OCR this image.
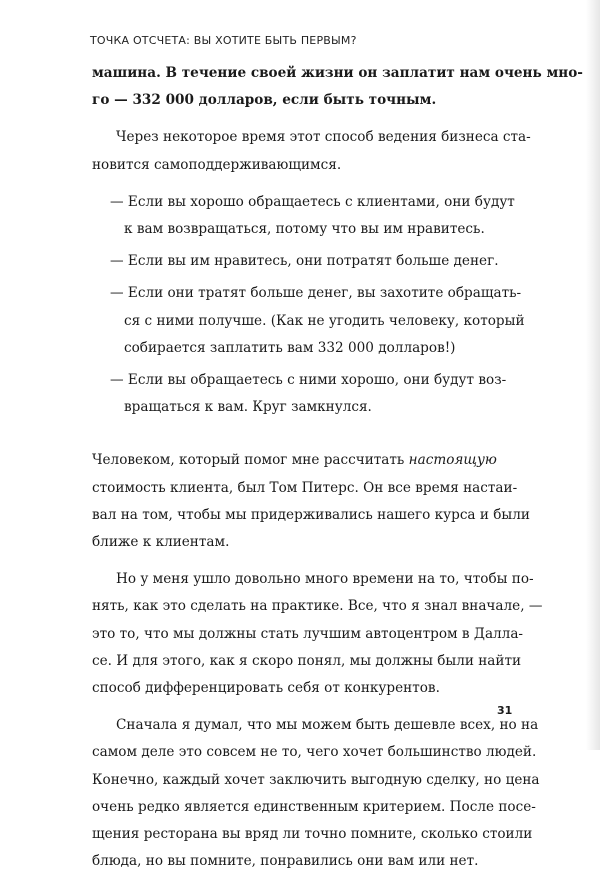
ТОЧКА ОТСЧЕТА: ВЫ ХОТИТЕ БЫТЬ ПЕРВЫМ?
машина. В течение своей жизни он заплатит нам очень мно-
го — 332 000 долларов, если быть точным.
Через некоторое время этот способ ведения бизнеса ста-
новится самоподдерживающимся.
— Если вы хорошо обращаетесь с клиентами, они будут
к вам возвращаться, потому что вы им нравитесь.
— Если вы им нравитесь, они потратят больше денег.
— Если они тратят больше денег, вы захотите обращать-
ся с ними получше. (Как не угодить человеку, который
собирается заплатить вам 332 000 долларов!)
— Если вы обращаетесь с ними хорошо, они будут воз-
вращаться к вам. Круг замкнулся.
Человеком, который помог мне рассчитать настоящую
стоимость клиента, был Том Питерс. Он все время настаи-
вал на том, чтобы мы придерживались нашего курса и были
ближе к клиентам.
Но у меня ушло довольно много времени на то, чтобы по-
нять, как это сделать на практике. Все, что я знал вначале, —
это то, что мы должны стать лучшим автоцентром в Далла-
се. И для этого, как я скоро понял, мы должны были найти
способ дифференцировать себя от конкурентов.
Сначала я думал, что мы можем быть дешевле всех, но на
самом деле это совсем не то, чего хочет большинство людей.
Конечно, каждый хочет заключить выгодную сделку, но цена
очень редко является единственным критерием. После посе-
щения ресторана вы вряд ли точно помните, сколько стоили
блюда, но вы помните, понравились они вам или нет.
31
